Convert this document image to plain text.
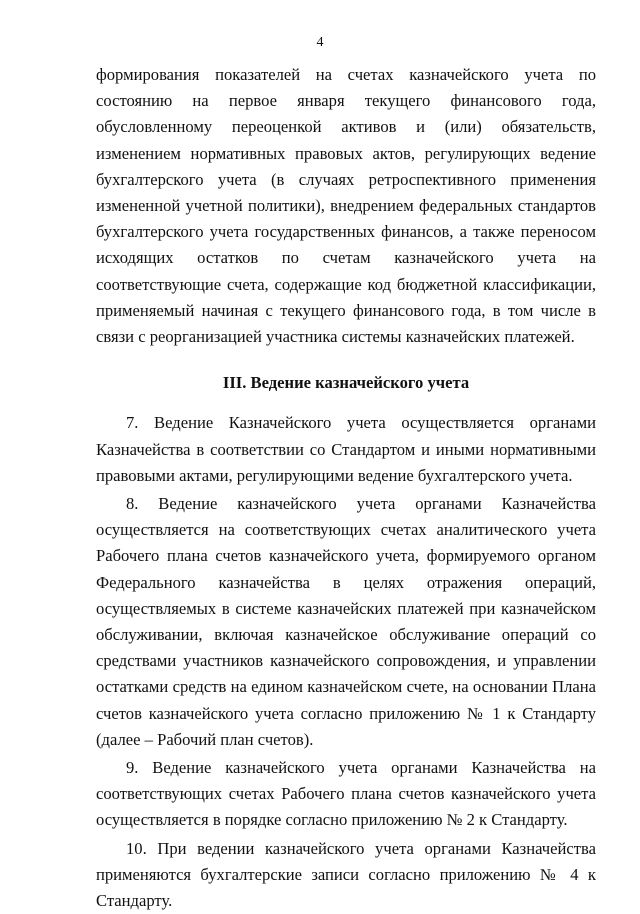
4

формирования показателей на счетах казначейского учета по состоянию на первое января текущего финансового года, обусловленному переоценкой активов и (или) обязательств, изменением нормативных правовых актов, регулирующих ведение бухгалтерского учета (в случаях ретроспективного применения измененной учетной политики), внедрением федеральных стандартов бухгалтерского учета государственных финансов, а также переносом исходящих остатков по счетам казначейского учета на соответствующие счета, содержащие код бюджетной классификации, применяемый начиная с текущего финансового года, в том числе в связи с реорганизацией участника системы казначейских платежей.

III. Ведение казначейского учета

7. Ведение Казначейского учета осуществляется органами Казначейства в соответствии со Стандартом и иными нормативными правовыми актами, регулирующими ведение бухгалтерского учета.

8. Ведение казначейского учета органами Казначейства осуществляется на соответствующих счетах аналитического учета Рабочего плана счетов казначейского учета, формируемого органом Федерального казначейства в целях отражения операций, осуществляемых в системе казначейских платежей при казначейском обслуживании, включая казначейское обслуживание операций со средствами участников казначейского сопровождения, и управлении остатками средств на едином казначейском счете, на основании Плана счетов казначейского учета согласно приложению № 1 к Стандарту (далее – Рабочий план счетов).

9. Ведение казначейского учета органами Казначейства на соответствующих счетах Рабочего плана счетов казначейского учета осуществляется в порядке согласно приложению № 2 к Стандарту.

10. При ведении казначейского учета органами Казначейства применяются бухгалтерские записи согласно приложению № 4 к Стандарту.
